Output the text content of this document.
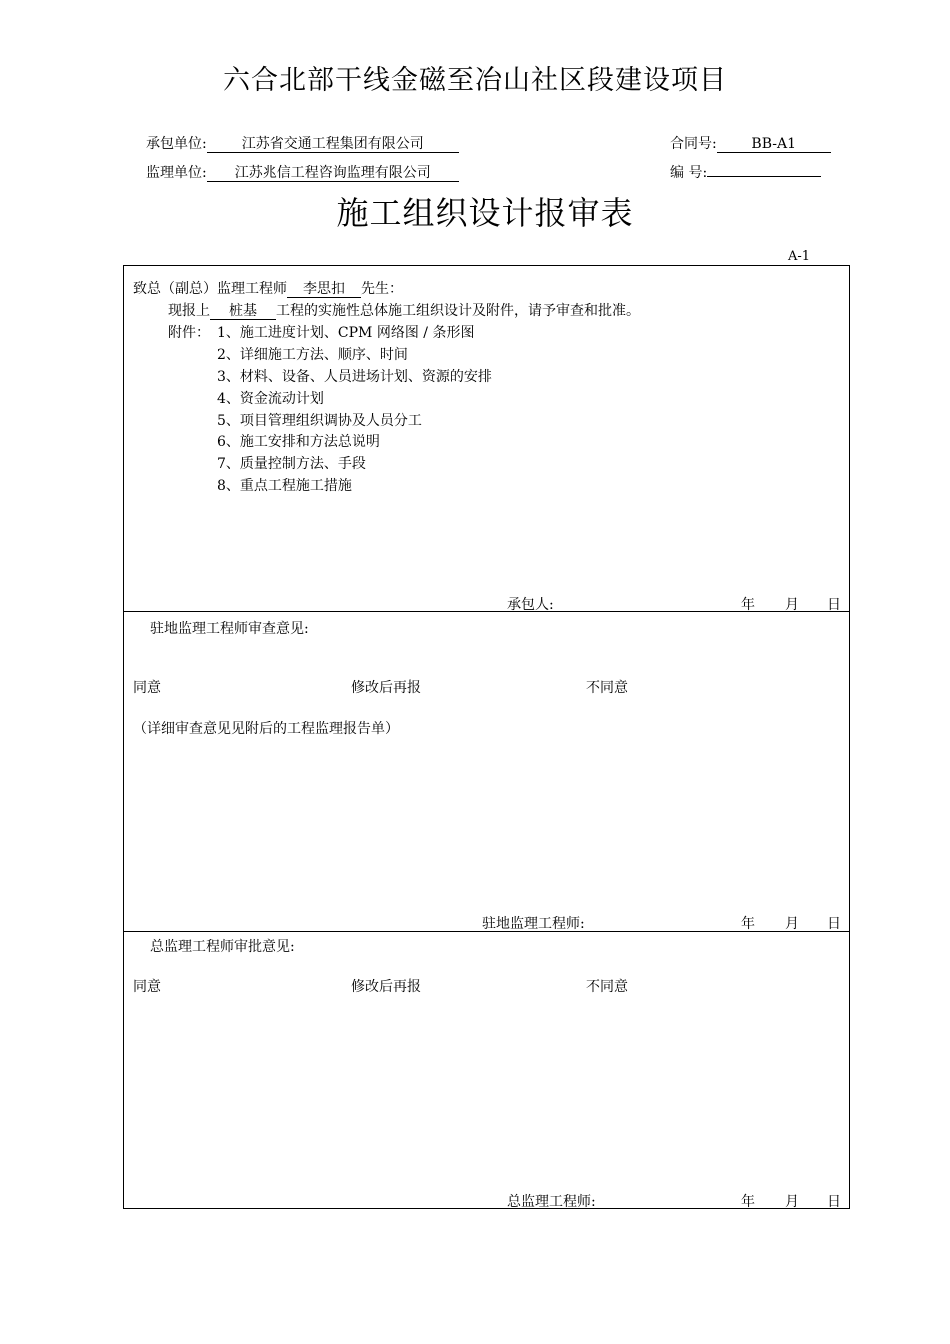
六合北部干线金磁至冶山社区段建设项目
承包单位:	江苏省交通工程集团有限公司
监理单位: 江苏兆信工程咨询监理有限公司
合同号: BB-A1
编 号:
施工组织设计报审表
A-1
致总（副总）监理工程师 李思扣 先生：
现报上 桩基 工程的实施性总体施工组织设计及附件，请予审查和批准。
附件： 1、施工进度计划、CPM 网络图 / 条形图
2、详细施工方法、顺序、时间
3、材料、设备、人员进场计划、资源的安排
4、资金流动计划
5、项目管理组织调协及人员分工
6、施工安排和方法总说明
7、质量控制方法、手段
8、重点工程施工措施
承包人:	年 月 日
驻地监理工程师审查意见:
同意	修改后再报	不同意
（详细审查意见见附后的工程监理报告单）
驻地监理工程师:	年 月 日
总监理工程师审批意见:
同意	修改后再报	不同意
总监理工程师:	年 月 日
